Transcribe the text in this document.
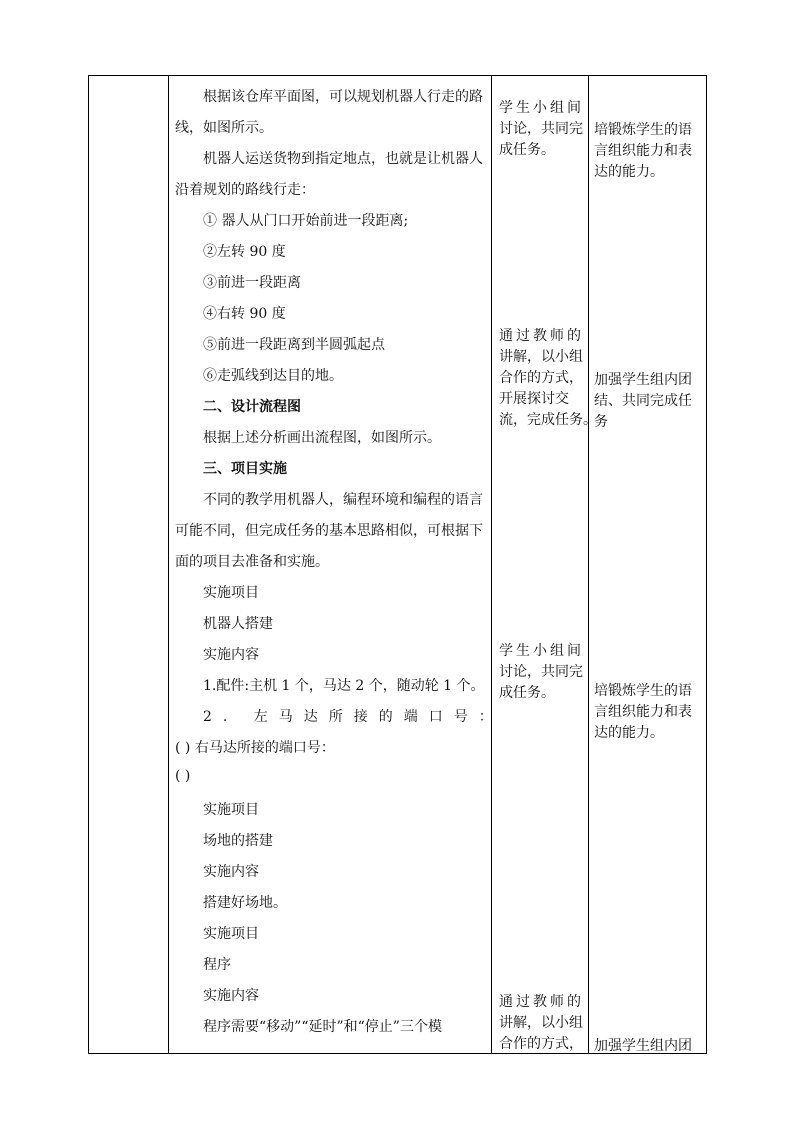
根据该仓库平面图，可以规划机器人行走的路
线，如图所示。
机器人运送货物到指定地点，也就是让机器人
沿着规划的路线行走：
① 器人从门口开始前进一段距离;
②左转 90 度
③前进一段距离
④右转 90 度
⑤前进一段距离到半圆弧起点
⑥走弧线到达目的地。
二、设计流程图
根据上述分析画出流程图，如图所示。
三、项目实施
不同的教学用机器人，编程环境和编程的语言
可能不同，但完成任务的基本思路相似，可根据下
面的项目去准备和实施。
实施项目
机器人搭建
实施内容
1.配件:主机 1 个，马达 2 个，随动轮 1 个。
2. 左马达所接的端口号：
( ) 右马达所接的端口号：
( )
实施项目
场地的搭建
实施内容
搭建好场地。
实施项目
程序
实施内容
程序需要“移动”“延时”和“停止”三个模
学生小组间
讨论，共同完
成任务。
通过教师的
讲解，以小组
合作的方式，
开展探讨交
流，完成任务。
学生小组间
讨论，共同完
成任务。
通过教师的
讲解，以小组
合作的方式，
培锻炼学生的语
言组织能力和表
达的能力。
加强学生组内团
结、共同完成任
务
培锻炼学生的语
言组织能力和表
达的能力。
加强学生组内团
